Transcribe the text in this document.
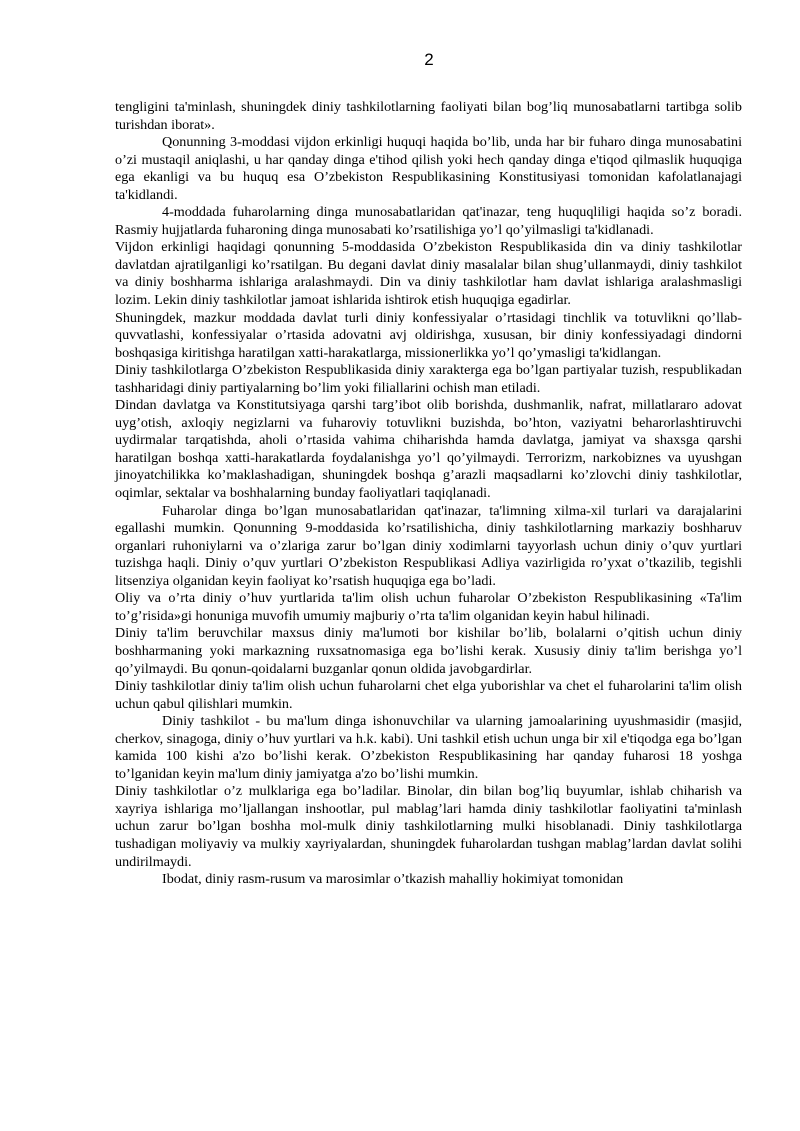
2

tengligini ta'minlash, shuningdek diniy tashkilotlarning faoliyati bilan bog’liq munosabatlarni tartibga solib turishdan iborat».

Qonunning 3-moddasi vijdon erkinligi huquqi haqida bo’lib, unda har bir fuharo dinga munosabatini o’zi mustaqil aniqlashi, u har qanday dinga e'tihod qilish yoki hech qanday dinga e'tiqod qilmaslik huquqiga ega ekanligi va bu huquq esa O’zbekiston Respublikasining Konstitusiyasi tomonidan kafolatlanajagi ta'kidlandi.

4-moddada fuharolarning dinga munosabatlaridan qat'inazar, teng huquqliligi haqida so’z boradi. Rasmiy hujjatlarda fuharoning dinga munosabati ko’rsatilishiga yo’l qo’yilmasligi ta'kidlanadi.

Vijdon erkinligi haqidagi qonunning 5-moddasida O’zbekiston Respublikasida din va diniy tashkilotlar davlatdan ajratilganligi ko’rsatilgan. Bu degani davlat diniy masalalar bilan shug’ullanmaydi, diniy tashkilot va diniy boshharma ishlariga aralashmaydi. Din va diniy tashkilotlar ham davlat ishlariga aralashmasligi lozim. Lekin diniy tashkilotlar jamoat ishlarida ishtirok etish huquqiga egadirlar.

Shuningdek, mazkur moddada davlat turli diniy konfessiyalar o’rtasidagi tinchlik va totuvlikni qo’llab-quvvatlashi, konfessiyalar o’rtasida adovatni avj oldirishga, xususan, bir diniy konfessiyadagi dindorni boshqasiga kiritishga haratilgan xatti-harakatlarga, missionerlikka yo’l qo’ymasligi ta'kidlangan.

Diniy tashkilotlarga O’zbekiston Respublikasida diniy xarakterga ega bo’lgan partiyalar tuzish, respublikadan tashharidagi diniy partiyalarning bo’lim yoki filiallarini ochish man etiladi.

Dindan davlatga va Konstitutsiyaga qarshi targ’ibot olib borishda, dushmanlik, nafrat, millatlararo adovat uyg’otish, axloqiy negizlarni va fuharoviy totuvlikni buzishda, bo’hton, vaziyatni beharorlashtiruvchi uydirmalar tarqatishda, aholi o’rtasida vahima chiharishda hamda davlatga, jamiyat va shaxsga qarshi haratilgan boshqa xatti-harakatlarda foydalanishga yo’l qo’yilmaydi. Terrorizm, narkobiznes va uyushgan jinoyatchilikka ko’maklashadigan, shuningdek boshqa g’arazli maqsadlarni ko’zlovchi diniy tashkilotlar, oqimlar, sektalar va boshhalarning bunday faoliyatlari taqiqlanadi.

Fuharolar dinga bo’lgan munosabatlaridan qat'inazar, ta'limning xilma-xil turlari va darajalarini egallashi mumkin. Qonunning 9-moddasida ko’rsatilishicha, diniy tashkilotlarning markaziy boshharuv organlari ruhoniylarni va o’zlariga zarur bo’lgan diniy xodimlarni tayyorlash uchun diniy o’quv yurtlari tuzishga haqli. Diniy o’quv yurtlari O’zbekiston Respublikasi Adliya vazirligida ro’yxat o’tkazilib, tegishli litsenziya olganidan keyin faoliyat ko’rsatish huquqiga ega bo’ladi.

Oliy va o’rta diniy o’huv yurtlarida ta'lim olish uchun fuharolar O’zbekiston Respublikasining «Ta'lim to’g’risida»gi honuniga muvofih umumiy majburiy o’rta ta'lim olganidan keyin habul hilinadi.

Diniy ta'lim beruvchilar maxsus diniy ma'lumoti bor kishilar bo’lib, bolalarni o’qitish uchun diniy boshharmaning yoki markazning ruxsatnomasiga ega bo’lishi kerak. Xususiy diniy ta'lim berishga yo’l qo’yilmaydi. Bu qonun-qoidalarni buzganlar qonun oldida javobgardirlar.

Diniy tashkilotlar diniy ta'lim olish uchun fuharolarni chet elga yuborishlar va chet el fuharolarini ta'lim olish uchun qabul qilishlari mumkin.

Diniy tashkilot - bu ma'lum dinga ishonuvchilar va ularning jamoalarining uyushmasidir (masjid, cherkov, sinagoga, diniy o’huv yurtlari va h.k. kabi). Uni tashkil etish uchun unga bir xil e'tiqodga ega bo’lgan kamida 100 kishi a'zo bo’lishi kerak. O’zbekiston Respublikasining har qanday fuharosi 18 yoshga to’lganidan keyin ma'lum diniy jamiyatga a'zo bo’lishi mumkin.

Diniy tashkilotlar o’z mulklariga ega bo’ladilar. Binolar, din bilan bog’liq buyumlar, ishlab chiharish va xayriya ishlariga mo’ljallangan inshootlar, pul mablag’lari hamda diniy tashkilotlar faoliyatini ta'minlash uchun zarur bo’lgan boshha mol-mulk diniy tashkilotlarning mulki hisoblanadi. Diniy tashkilotlarga tushadigan moliyaviy va mulkiy xayriyalardan, shuningdek fuharolardan tushgan mablag’lardan davlat solihi undirilmaydi.

Ibodat, diniy rasm-rusum va marosimlar o’tkazish mahalliy hokimiyat tomonidan
